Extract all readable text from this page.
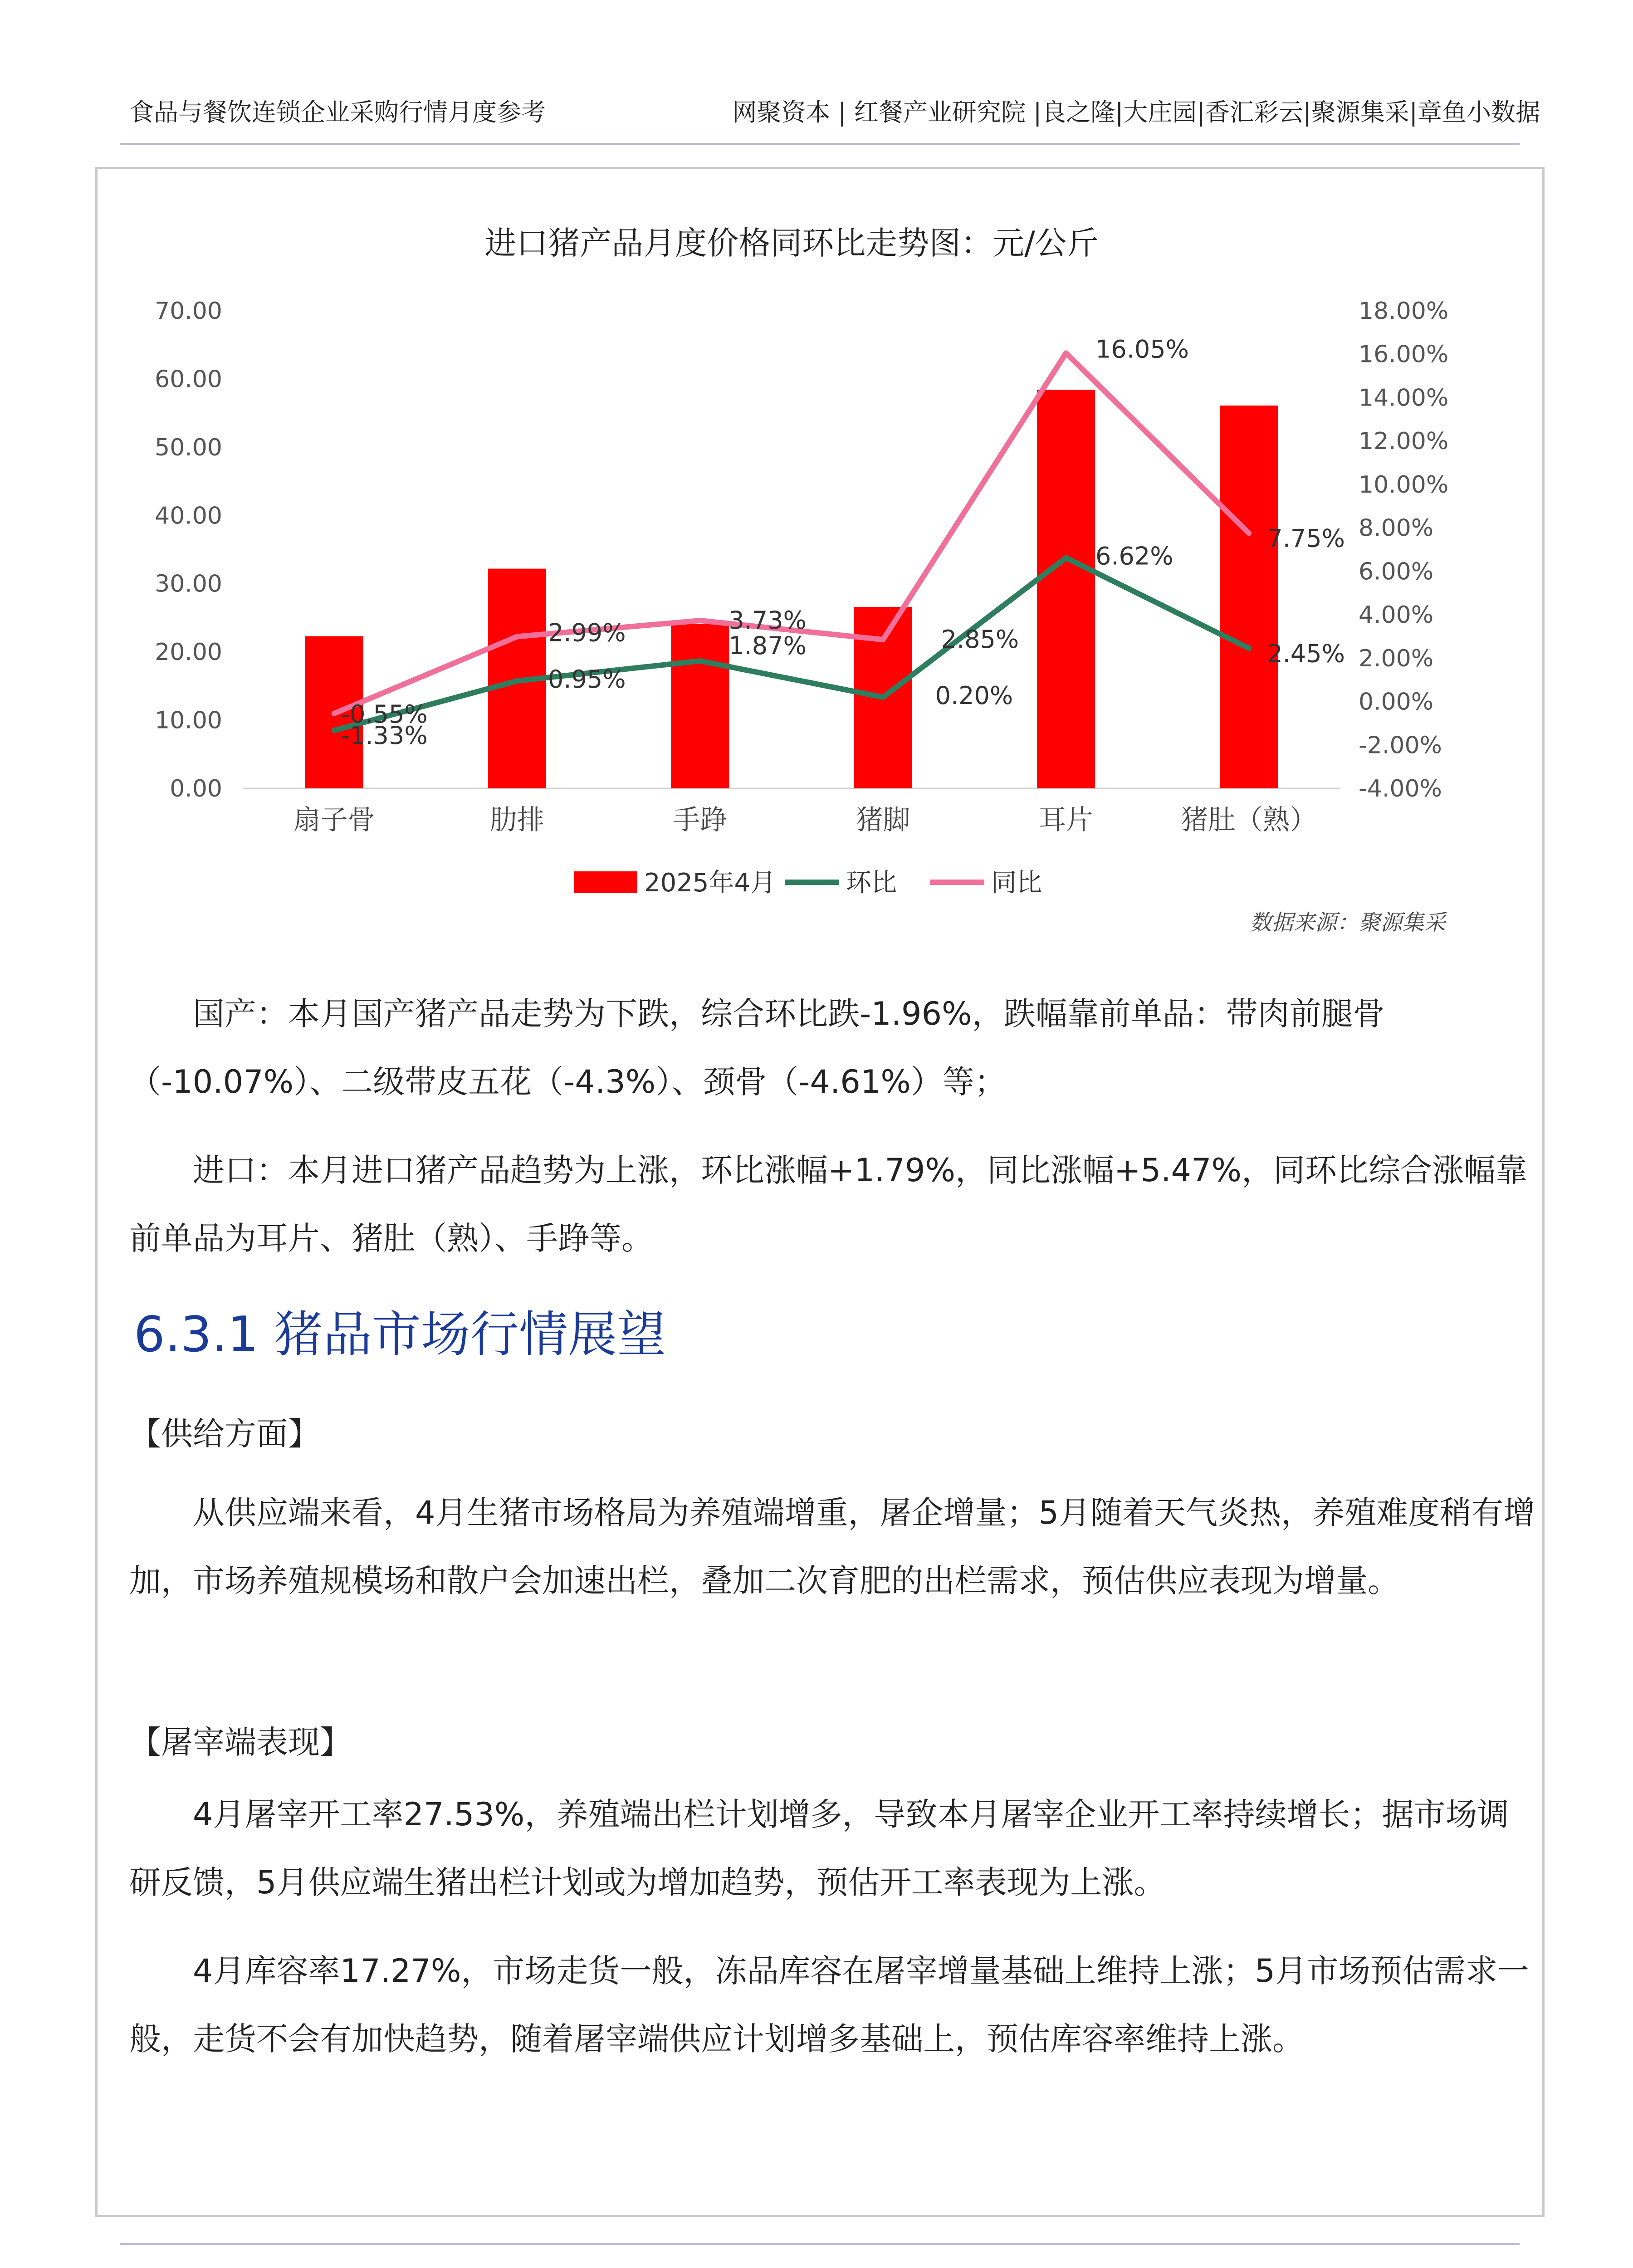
食品与餐饮连锁企业采购行情月度参考	网聚资本 | 红餐产业研究院 |良之隆|大庄园|香汇彩云|聚源集采|章鱼小数据
进口猪产品月度价格同环比走势图：元/公斤
0.00
10.00
20.00
30.00
40.00
50.00
60.00
70.00
-4.00%
-2.00%
0.00%
2.00%
4.00%
6.00%
8.00%
10.00%
12.00%
14.00%
16.00%
18.00%
扇子骨	肋排	手踭	猪脚	耳片	猪肚（熟）
-1.33%
0.95%
1.87%
0.20%
6.62%
2.45%
-0.55%
2.99%	3.73%
2.85%
16.05%
7.75%
2025年4月	环比	同比
数据来源：聚源集采

国产：本月国产猪产品走势为下跌，综合环比跌-1.96%，跌幅靠前单品：带肉前腿骨（-10.07%）、二级带皮五花（-4.3%）、颈骨（-4.61%）等；

进口：本月进口猪产品趋势为上涨，环比涨幅+1.79%，同比涨幅+5.47%，同环比综合涨幅靠前单品为耳片、猪肚（熟）、手踭等。

6.3.1 猪品市场行情展望
【供给方面】

从供应端来看，4月生猪市场格局为养殖端增重，屠企增量；5月随着天气炎热，养殖难度稍有增加，市场养殖规模场和散户会加速出栏，叠加二次育肥的出栏需求，预估供应表现为增量。

【屠宰端表现】

4月屠宰开工率27.53%，养殖端出栏计划增多，导致本月屠宰企业开工率持续增长；据市场调研反馈，5月供应端生猪出栏计划或为增加趋势，预估开工率表现为上涨。

4月库容率17.27%，市场走货一般，冻品库容在屠宰增量基础上维持上涨；5月市场预估需求一般，走货不会有加快趋势，随着屠宰端供应计划增多基础上，预估库容率维持上涨。
